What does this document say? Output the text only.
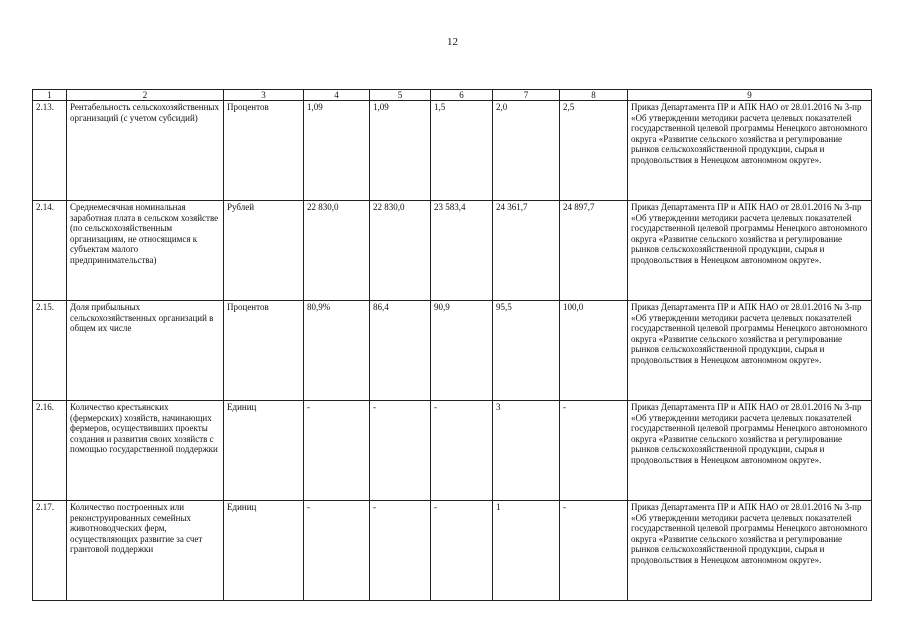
12
1	2	3	4	5	6	7	8	9
2.13.	Рентабельность сельскохозяйственных организаций (с учетом субсидий)	Процентов	1,09	1,09	1,5	2,0	2,5	Приказ Департамента ПР и АПК НАО от 28.01.2016 № 3-пр «Об утверждении методики расчета целевых показателей государственной целевой программы Ненецкого автономного округа «Развитие сельского хозяйства и регулирование рынков сельскохозяйственной продукции, сырья и продовольствия в Ненецком автономном округе».
2.14.	Среднемесячная номинальная заработная плата в сельском хозяйстве (по сельскохозяйственным организациям, не относящимся к субъектам малого предпринимательства)	Рублей	22 830,0	22 830,0	23 583,4	24 361,7	24 897,7	Приказ Департамента ПР и АПК НАО от 28.01.2016 № 3-пр «Об утверждении методики расчета целевых показателей государственной целевой программы Ненецкого автономного округа «Развитие сельского хозяйства и регулирование рынков сельскохозяйственной продукции, сырья и продовольствия в Ненецком автономном округе».
2.15.	Доля прибыльных сельскохозяйственных организаций в общем их числе	Процентов	80,9%	86,4	90,9	95,5	100,0	Приказ Департамента ПР и АПК НАО от 28.01.2016 № 3-пр «Об утверждении методики расчета целевых показателей государственной целевой программы Ненецкого автономного округа «Развитие сельского хозяйства и регулирование рынков сельскохозяйственной продукции, сырья и продовольствия в Ненецком автономном округе».
2.16.	Количество крестьянских (фермерских) хозяйств, начинающих фермеров, осуществивших проекты создания и развития своих хозяйств с помощью государственной поддержки	Единиц	-	-	-	3	-	Приказ Департамента ПР и АПК НАО от 28.01.2016 № 3-пр «Об утверждении методики расчета целевых показателей государственной целевой программы Ненецкого автономного округа «Развитие сельского хозяйства и регулирование рынков сельскохозяйственной продукции, сырья и продовольствия в Ненецком автономном округе».
2.17.	Количество построенных или реконструированных семейных животноводческих ферм, осуществляющих развитие за счет грантовой поддержки	Единиц	-	-	-	1	-	Приказ Департамента ПР и АПК НАО от 28.01.2016 № 3-пр «Об утверждении методики расчета целевых показателей государственной целевой программы Ненецкого автономного округа «Развитие сельского хозяйства и регулирование рынков сельскохозяйственной продукции, сырья и продовольствия в Ненецком автономном округе».
